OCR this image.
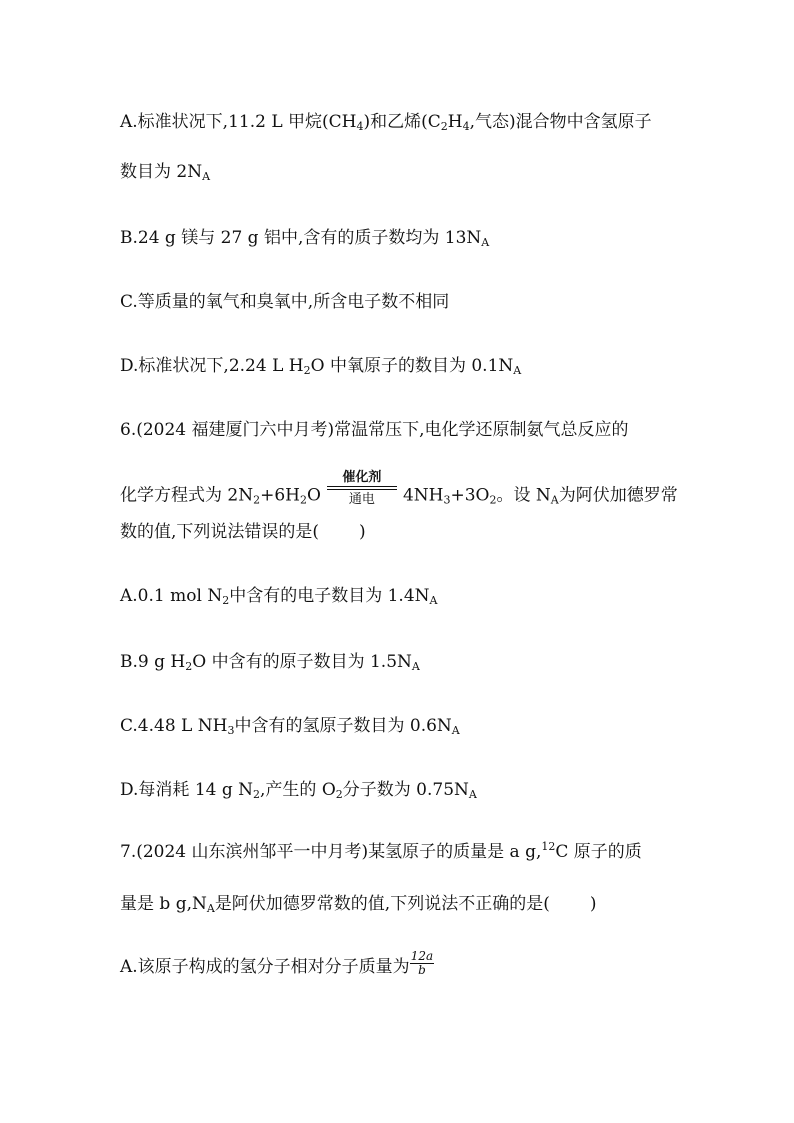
A.标准状况下,11.2 L 甲烷$(CH_4)$和乙烯($C_2H_4$,气态)混合物中含氢原子
数目为 $2N_A$
B.24 g 镁与 27 g 铝中,含有的质子数均为 $13N_A$
C.等质量的氧气和臭氧中,所含电子数不相同
D.标准状况下,2.24 L $H_2O$ 中氧原子的数目为 $0.1N_A$
6.(2024 福建厦门六中月考)常温常压下,电化学还原制氨气总反应的
化学方程式为 $2N_2+6H_2O$
催化剂
通电	$4NH_3+3O_2$。设 $N_A$为阿伏加德罗常
数的值,下列说法错误的是( )
A.0.1 mol $N_2$中含有的电子数目为 $1.4N_A$
B.9 g $H_2O$ 中含有的原子数目为 $1.5N_A$
C.4.48 L $NH_3$中含有的氢原子数目为 $0.6N_A$
D.每消耗 14 g $N_2$,产生的 $O_2$分子数为 $0.75N_A$
7.(2024 山东滨州邹平一中月考)某氢原子的质量是 a g,$^{12}$C 原子的质
量是 b $g,N_A$是阿伏加德罗常数的值,下列说法不正确的是( )
A.该原子构成的氢分子相对分子质量为 $\frac{12a}{b}$
